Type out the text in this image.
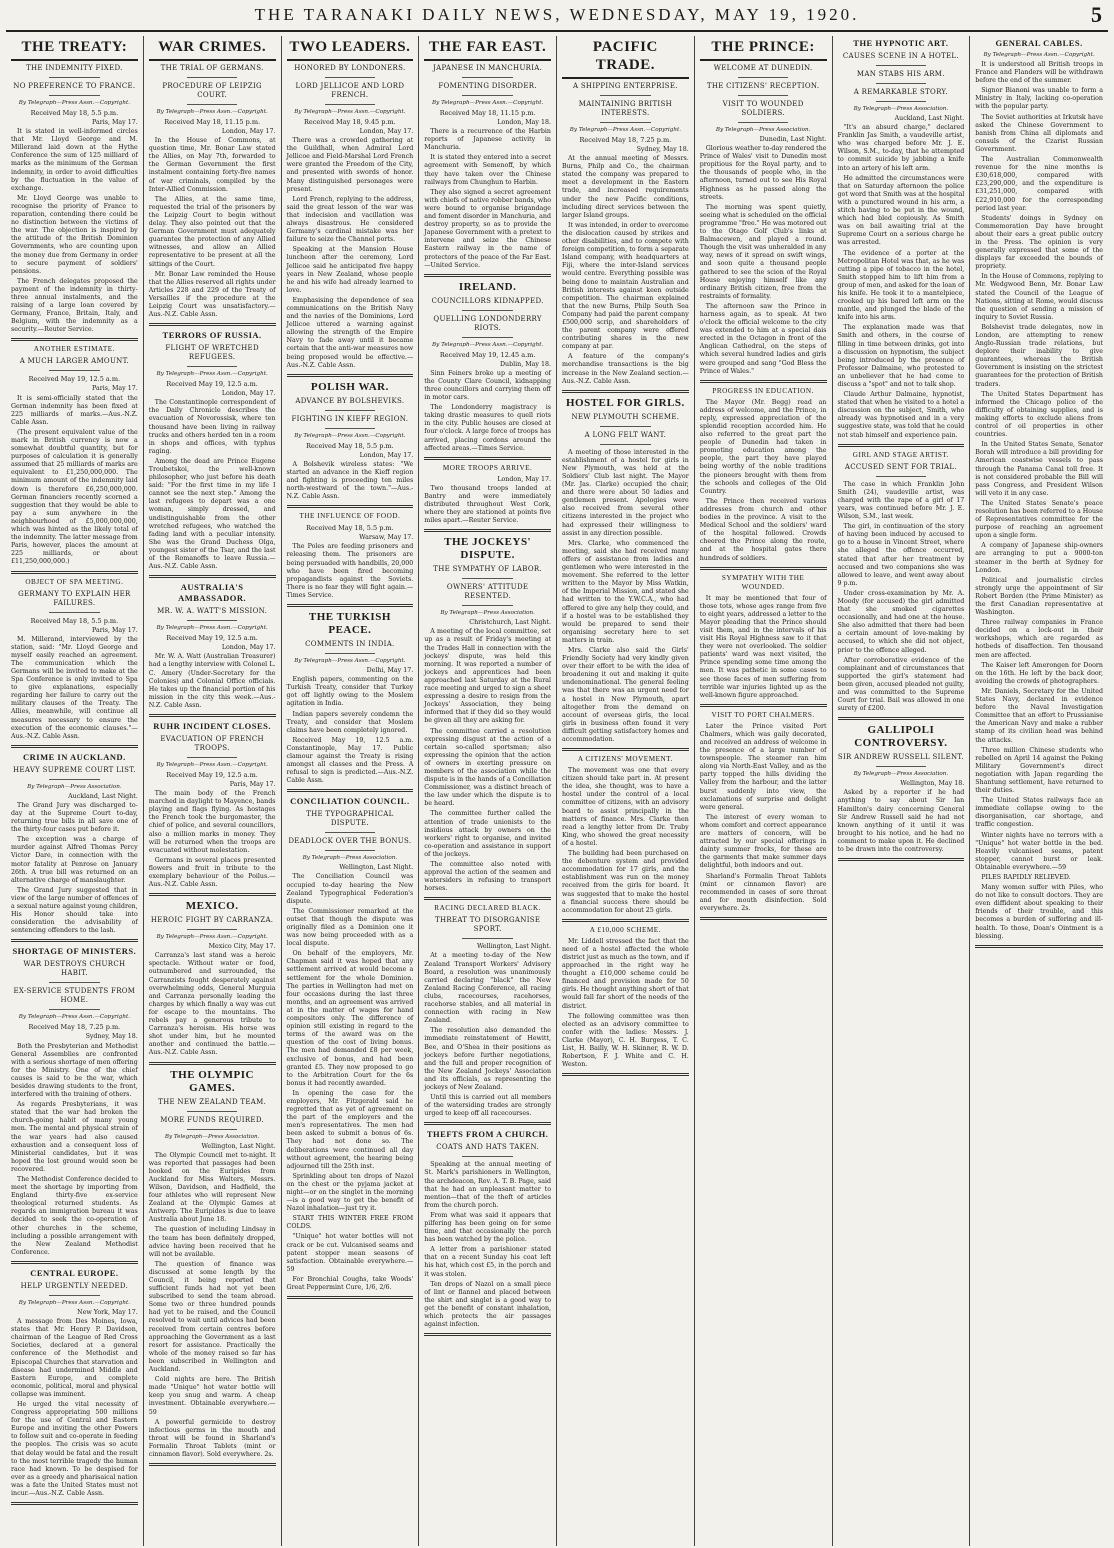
THE TARANAKI DAILY NEWS, WEDNESDAY, MAY 19, 1920.	5
THE TREATY:
THE INDEMNITY FIXED.
NO PREFERENCE TO FRANCE.
By Telegraph—Press Assn.—Copyright.
Received May 18, 5.5 p.m.
Paris, May 17.

It is stated in well-informed circles that Mr. Lloyd George and M. Millerand laid down at the Hythe Conference the sum of 125 milliard of marks as the minimum of the German indemnity, in order to avoid difficulties by the fluctuation in the value of exchange.

Mr. Lloyd George was unable to recognise the priority of France to reparation, contending there could be no distinction between the victims of the war. The objection is inspired by the attitude of the British Dominion Governments, who are counting upon the money due from Germany in order to secure payment of soldiers' pensions.

The French delegates proposed the payment of the indemnity in thirty-three annual instalments, and the raising of a large loan covered by Germany, France, Britain, Italy, and Belgium, with the indemnity as a security.—Reuter Service.

ANOTHER ESTIMATE.
A MUCH LARGER AMOUNT.
Received May 19, 12.5 a.m.
Paris, May 17.

It is semi-officially stated that the German indemnity has been fixed at 225 milliards of marks.—Aus.-N.Z. Cable Assn.

(The present equivalent value of the mark in British currency is now a somewhat doubtful quantity, but for purposes of calculation it is generally assumed that 25 milliards of marks are equivalent to £1,250,000,000. The minimum amount of the indemnity laid down is therefore £6,250,000,000. German financiers recently scorned a suggestion that they would be able to pay a sum anywhere in the neighbourhood of £5,000,000,000, which was hinted as the likely total of the indemnity. The latter message from Paris, however, places the amount at 225 milliards, or about £11,250,000,000.)

OBJECT OF SPA MEETING.
GERMANY TO EXPLAIN HER FAILURES.
Received May 18, 5.5 p.m.
Paris, May 17.

M. Millerand, interviewed by the station, said: "Mr. Lloyd George and myself easily reached an agreement. The communication which the Germans will be invited to make at the Spa Conference is only invited to Spa to give explanations, especially regarding her failure to carry out the military clauses of the Treaty. The Allies, meanwhile, will continue all measures necessary to ensure the execution of the economic clauses."—Aus.-N.Z. Cable Assn.

CRIME IN AUCKLAND.
HEAVY SUPREME COURT LIST.
By Telegraph—Press Association.
Auckland, Last Night.

The Grand Jury was discharged to-day at the Supreme Court to-day, returning true bills in all save one of the thirty-four cases put before it.

The exception was a charge of murder against Alfred Thomas Percy Victor Dare, in connection with the motor fatality at Penrose on January 26th. A true bill was returned on an alternative charge of manslaughter.

The Grand Jury suggested that in view of the large number of offences of a sexual nature against young children, His Honor should take into consideration the advisability of sentencing offenders to the lash.

SHORTAGE OF MINISTERS.
WAR DESTROYS CHURCH HABIT.
EX-SERVICE STUDENTS FROM HOME.
By Telegraph—Press Assn.—Copyright.
Received May 18, 7.25 p.m.
Sydney, May 18.

Both the Presbyterian and Methodist General Assemblies are confronted with a serious shortage of men offering for the Ministry. One of the chief causes is said to be the war, which besides drawing students to the front, interfered with the training of others.

As regards Presbyterians, it was stated that the war had broken the church-going habit of many young men. The mental and physical strain of the war years had also caused exhaustion and a consequent loss of Ministerial candidates, but it was hoped the lost ground would soon be recovered.

The Methodist Conference decided to meet the shortage by importing from England thirty-five ex-service theological returned students. As regards an immigration bureau it was decided to seek the co-operation of other churches in the scheme, including a possible arrangement with the New Zealand Methodist Conference.

CENTRAL EUROPE.
HELP URGENTLY NEEDED.
By Telegraph—Press Assn.—Copyright.
New York, May 17.

A message from Des Moines, Iowa, states that Mr. Henry P. Davidson, chairman of the League of Red Cross Societies, declared at a general conference of the Methodist and Episcopal Churches that starvation and disease had undermined Middle and Eastern Europe, and complete economic, political, moral and physical collapse was imminent.

He urged the vital necessity of Congress appropriating 500 millions for the use of Central and Eastern Europe and inviting the other Powers to follow suit and co-operate in feeding the peoples. The crisis was so acute that delay would be fatal and the result to the most terrible tragedy the human race had known. To be despised for ever as a greedy and pharisaical nation was a fate the United States must not incur.—Aus.-N.Z. Cable Assn.

WAR CRIMES.
THE TRIAL OF GERMANS.
PROCEDURE OF LEIPZIG COURT.
By Telegraph—Press Assn.—Copyright.
Received May 18, 11.15 p.m.
London, May 17.

In the House of Commons, at question time, Mr. Bonar Law stated the Allies, on May 7th, forwarded to the German Government the first instalment containing forty-five names of war criminals, compiled by the Inter-Allied Commission.

The Allies, at the same time, requested the trial of the prisoners by the Leipzig Court to begin without delay. They also pointed out that the German Government must adequately guarantee the protection of any Allied witnesses, and allow an Allied representative to be present at all the sittings of the Court.

Mr. Bonar Law reminded the House that the Allies reserved all rights under Articles 228 and 229 of the Treaty of Versailles if the procedure at the Leipzig Court was unsatisfactory.—Aus.-N.Z. Cable Assn.

TERRORS OF RUSSIA.
FLIGHT OF WRETCHED REFUGEES.
By Telegraph—Press Assn.—Copyright.
Received May 19, 12.5 a.m.
London, May 17.

The Constantinople correspondent of the Daily Chronicle describes the evacuation of Novorossisk, where ten thousand have been living in railway trucks and others herded ten in a room in shops and offices, with typhus raging.

Among the dead are Prince Eugene Troubetskoi, the well-known philosopher, who just before his death said: "For the first time in my life I cannot see the next step." Among the last refugees to depart was a one woman, simply dressed, and undistinguishable from the other wretched refugees, who watched the fading land with a peculiar intensity. She was the Grand Duchess Olga, youngest sister of the Tsar, and the last of the Romanoffs to leave Russia.—Aus.-N.Z. Cable Assn.

AUSTRALIA'S AMBASSADOR.
MR. W. A. WATT'S MISSION.
By Telegraph—Press Assn.—Copyright.
Received May 19, 12.5 a.m.
London, May 17.

Mr. W. A. Watt (Australian Treasurer) had a lengthy interview with Colonel L. C. Amery (Under-Secretary for the Colonies) and Colonial Office officials. He takes up the financial portion of his mission in the city this week.—Aus.-N.Z. Cable Assn.

RUHR INCIDENT CLOSES.
EVACUATION OF FRENCH TROOPS.
By Telegraph—Press Assn.—Copyright.
Received May 19, 12.5 a.m.
Paris, May 17.

The main body of the French marched in daylight to Mayence, bands playing and flags flying. As hostages the French took the burgomaster, the chief of police, and several councillors, also a million marks in money. They will be returned when the troops are evacuated without molestation.

Germans in several places presented flowers and fruit in tribute to the exemplary behaviour of the Poilus.—Aus.-N.Z. Cable Assn.

MEXICO.
HEROIC FIGHT BY CARRANZA.
By Telegraph—Press Assn.—Copyright.
Mexico City, May 17.

Carranza's last stand was a heroic spectacle. Without water or food, outnumbered and surrounded, the Carranzists fought desperately against overwhelming odds, General Murguia and Carranza personally leading the charges by which finally a way was cut for escape to the mountains. The rebels pay a generous tribute to Carranza's heroism. His horse was shot under him, but he mounted another and continued the battle.—Aus.-N.Z. Cable Assn.

THE OLYMPIC GAMES.
THE NEW ZEALAND TEAM.
MORE FUNDS REQUIRED.
By Telegraph—Press Association.
Wellington, Last Night.

The Olympic Council met to-night. It was reported that passages had been booked on the Euripides from Auckland for Miss Walters, Messrs. Wilson, Davidson, and Hadfield, the four athletes who will represent New Zealand at the Olympic Games at Antwerp. The Euripides is due to leave Australia about June 18.

The question of including Lindsay in the team has been definitely dropped, advice having been received that he will not be available.

The question of finance was discussed at some length by the Council, it being reported that sufficient funds had not yet been subscribed to send the team abroad. Some two or three hundred pounds had yet to be raised, and the Council resolved to wait until advices had been received from certain centres before approaching the Government as a last resort for assistance. Practically the whole of the money raised so far has been subscribed in Wellington and Auckland.

Cold nights are here. The British made "Unique" hot water bottle will keep you snug and warm. A cheap investment. Obtainable everywhere.—59

A powerful germicide to destroy infectious germs in the mouth and throat will be found in Sharland's Formalin Throat Tablets (mint or cinnamon flavor). Sold everywhere. 2s.

TWO LEADERS.
HONORED BY LONDONERS.
LORD JELLICOE AND LORD FRENCH.
By Telegraph—Press Assn.—Copyright.
Received May 18, 9.45 p.m.
London, May 17.

There was a crowded gathering at the Guildhall, when Admiral Lord Jellicoe and Field-Marshal Lord French were granted the Freedom of the City, and presented with swords of honor. Many distinguished personages were present.

Lord French, replying to the address, said the great lesson of the war was that indecision and vacillation was always disastrous. He considered Germany's cardinal mistake was her failure to seize the Channel ports.

Speaking at the Mansion House luncheon after the ceremony, Lord Jellicoe said he anticipated five happy years in New Zealand, whose people he and his wife had already learned to love.

Emphasising the dependence of sea communications on the British Navy and the navies of the Dominions, Lord Jellicoe uttered a warning against allowing the strength of the Empire Navy to fade away until it became certain that the anti-war measures now being proposed would be effective.—Aus.-N.Z. Cable Assn.

POLISH WAR.
ADVANCE BY BOLSHEVIKS.
FIGHTING IN KIEFF REGION.
By Telegraph—Press Assn.—Copyright.
Received May 18, 5.5 p.m.
London, May 17.

A Bolshevik wireless states: "We started an advance in the Kieff region and fighting is proceeding ten miles north-westward of the town."—Aus.-N.Z. Cable Assn.

THE INFLUENCE OF FOOD.
Received May 18, 5.5 p.m.
Warsaw, May 17.

The Poles are feeding prisoners and releasing them. The prisoners are being persuaded with handbills, 20,000 who have been fired becoming propagandists against the Soviets. There is no fear they will fight again.—Times Service.

THE TURKISH PEACE.
COMMENTS IN INDIA.
By Telegraph—Press Assn.—Copyright.
Delhi, May 17.

English papers, commenting on the Turkish Treaty, consider that Turkey got off lightly owing to the Moslem agitation in India.

Indian papers severely condemn the Treaty, and consider that Moslem claims have been completely ignored.

Received May 19, 12.5 a.m. Constantinople, May 17. Public clamour against the Treaty is rising amongst all classes and the Press. A refusal to sign is predicted.—Aus.-N.Z. Cable Assn.

CONCILIATION COUNCIL.
THE TYPOGRAPHICAL DISPUTE.
DEADLOCK OVER THE BONUS.
By Telegraph—Press Association.
Wellington, Last Night.

The Conciliation Council was occupied to-day hearing the New Zealand Typographical Federation's dispute.

The Commissioner remarked at the outset that though the dispute was originally filed as a Dominion one it was now being proceeded with as a local dispute.

On behalf of the employers, Mr. Chapman said it was hoped that any settlement arrived at would become a settlement for the whole Dominion. The parties in Wellington had met on four occasions during the last three months, and an agreement was arrived at in the matter of wages for hand compositors only. The difference of opinion still existing in regard to the terms of the award was on the question of the cost of living bonus. The men had demanded £8 per week, exclusive of bonus, and had been granted £5. They now proposed to go to the Arbitration Court for the 6s bonus it had recently awarded.

In opening the case for the employers, Mr. Fitzgerald said he regretted that as yet of agreement on the part of the employers and the men's representatives. The men had been asked to submit a bonus of 6s. They had not done so. The deliberations were continued all day without agreement, the hearing being adjourned till the 25th inst.

Sprinkling about ten drops of Nazol on the chest or the pyjama jacket at night—or on the singlet in the morning —is a good way to get the benefit of Nazol inhalation—just try it.

START THIS WINTER FREE FROM COLDS.

"Unique" hot water bottles will not crack or be cut. Vulcanised seams and patent stopper mean seasons of satisfaction. Obtainable everywhere.—59

For Bronchial Coughs, take Woods' Great Peppermint Cure, 1/6, 2/6.

THE FAR EAST.
JAPANESE IN MANCHURIA.
FOMENTING DISORDER.
By Telegraph—Press Assn.—Copyright.
Received May 18, 11.15 p.m.
London, May 18.

There is a recurrence of the Harbin reports of Japanese activity in Manchuria.

It is stated they entered into a secret agreement with Semenoff, by which they have taken over the Chinese railways from Chunghun to Harbin.

They also signed a secret agreement with chiefs of native robber bands, who were bound to organise brigandage and foment disorder in Manchuria, and destroy property, so as to provide the Japanese Government with a pretext to intervene and seize the Chinese Eastern railway in the name of protectors of the peace of the Far East.—United Service.

IRELAND.
COUNCILLORS KIDNAPPED.
QUELLING LONDONDERRY RIOTS.
By Telegraph—Press Assn.—Copyright.
Received May 19, 12.45 a.m.
Dublin, May 18.

Sinn Feiners broke up a meeting of the County Clare Council, kidnapping three councillors and carrying them off in motor cars.

The Londonderry magistracy is taking drastic measures to quell riots in the city. Public houses are closed at four o'clock. A large force of troops has arrived, placing cordons around the affected areas.—Times Service.

MORE TROOPS ARRIVE.
London, May 17.

Two thousand troops landed at Bantry and were immediately distributed throughout West Cork, where they are stationed at points five miles apart.—Reuter Service.

THE JOCKEYS' DISPUTE.
THE SYMPATHY OF LABOR.
OWNERS' ATTITUDE RESENTED.
By Telegraph—Press Association.
Christchurch, Last Night.

A meeting of the local committee, set up as a result of Friday's meeting at the Trades Hall in connection with the jockeys' dispute, was held this morning. It was reported a number of jockeys and apprentices had been approached last Saturday at the Rural race meeting and urged to sign a sheet expressing a desire to resign from the Jockeys' Association, they being informed that if they did so they would be given all they are asking for.

The committee carried a resolution expressing disgust at the action of a certain so-called sportsman; also expressing the opinion that the action of owners in exerting pressure on members of the association while the dispute is in the hands of a Conciliation Commissioner, was a distinct breach of the law under which the dispute is to be heard.

The committee further called the attention of trade unionists to the insidious attack by owners on the workers' right to organise, and invited co-operation and assistance in support of the jockeys.

The committee also noted with approval the action of the seamen and watersiders in refusing to transport horses.

RACING DECLARED BLACK.
THREAT TO DISORGANISE SPORT.
Wellington, Last Night.

At a meeting to-day of the New Zealand Transport Workers' Advisory Board, a resolution was unanimously carried declaring "black" the New Zealand Racing Conference, all racing clubs, racecourses, racehorses, racehorse stables, and all material in connection with racing in New Zealand.

The resolution also demanded the immediate reinstatement of Hewitt, Bee, and O'Shea in their positions as jockeys before further negotiations, and the full and proper recognition of the New Zealand Jockeys' Association and its officials, as representing the jockeys of New Zealand.

Until this is carried out all members of the watersiding trades are strongly urged to keep off all racecourses.

THEFTS FROM A CHURCH.
COATS AND HATS TAKEN.

Speaking at the annual meeting of St. Mark's parishioners in Wellington, the archdeacon, Rev. A. T. B. Page, said that he had an unpleasant matter to mention—that of the theft of articles from the church porch.

From what was said it appears that pilfering has been going on for some time, and that occasionally the porch has been watched by the police.

A letter from a parishioner stated that on a recent Sunday his coat left his hat, which cost £5, in the porch and it was stolen.

Ten drops of Nazol on a small piece of lint or flannel and placed between the shirt and singlet is a good way to get the benefit of constant inhalation, which protects the air passages against infection.

PACIFIC TRADE.
A SHIPPING ENTERPRISE.
MAINTAINING BRITISH INTERESTS.
By Telegraph—Press Assn.—Copyright.
Received May 18, 7.25 p.m.
Sydney, May 18.

At the annual meeting of Messrs. Burns, Philp and Co., the chairman stated the company was prepared to meet a development in the Eastern trade, and increased requirements under the new Pacific conditions, including direct services between the larger Island groups.

It was intended, in order to overcome the dislocation caused by strikes and other disabilities, and to compete with foreign competition, to form a separate Island company, with headquarters at Fiji, where the inter-Island services would centre. Everything possible was being done to maintain Australian and British interests against keen outside competition. The chairman explained that the new Burns, Philp South Sea Company had paid the parent company £500,000 scrip, and shareholders of the parent company were offered contributing shares in the new company at par.

A feature of the company's merchandise transactions is the big increase in the New Zealand section.—Aus.-N.Z. Cable Assn.

HOSTEL FOR GIRLS.
NEW PLYMOUTH SCHEME.
A LONG FELT WANT.

A meeting of those interested in the establishment of a hostel for girls in New Plymouth, was held at the Soldiers' Club last night. The Mayor (Mr. Jas. Clarke) occupied the chair, and there were about 50 ladies and gentlemen present. Apologies were also received from several other citizens interested in the project who had expressed their willingness to assist in any direction possible.

Mrs. Clarke, who commenced the meeting, said she had received many offers of assistance from ladies and gentlemen who were interested in the movement. She referred to the letter written to the Mayor by Miss Watkin, of the Imperial Mission, and stated she had written to the Y.W.C.A., who had offered to give any help they could, and if a hostel was to be established they would be prepared to send their organising secretary here to set matters in train.

Mrs. Clarke also said the Girls' Friendly Society had very kindly given over their effort to be with the idea of broadening it out and making it quite undenominational. The general feeling was that there was an urgent need for a hostel in New Plymouth, apart altogether from the demand on account of overseas girls, the local girls in business often found it very difficult getting satisfactory homes and accommodation.

A CITIZENS' MOVEMENT.

The movement was one that every citizen should take part in. At present the idea, she thought, was to have a hostel under the control of a local committee of citizens, with an advisory board to assist principally in the matters of finance. Mrs. Clarke then read a lengthy letter from Dr. Truby King, who showed the great necessity of a hostel.

The building had been purchased on the debenture system and provided accommodation for 17 girls, and the establishment was run on the money received from the girls for board. It was suggested that to make the hostel a financial success there should be accommodation for about 25 girls.

A £10,000 SCHEME.

Mr. Liddell stressed the fact that the need of a hostel affected the whole district just as much as the town, and if approached in the right way he thought a £10,000 scheme could be financed and provision made for 50 girls. He thought anything short of that would fall far short of the needs of the district.

The following committee was then elected as an advisory committee to confer with the ladies: Messrs. J. Clarke (Mayor), C. H. Burgess, T. C. List, H. Bailly, W. H. Skinner, R. W. D. Robertson, F. J. White and C. H. Weston.

THE PRINCE:
WELCOME AT DUNEDIN.
THE CITIZENS' RECEPTION.
VISIT TO WOUNDED SOLDIERS.
By Telegraph—Press Association.
Dunedin, Last Night.

Glorious weather to-day rendered the Prince of Wales' visit to Dunedin most propitious for the Royal party, and to the thousands of people who, in the afternoon, turned out to see His Royal Highness as he passed along the streets.

The morning was spent quietly, seeing what is scheduled on the official programme "free." He was motored out to the Otago Golf Club's links at Balmacewen, and played a round. Though the visit was unheralded in any way, news of it spread on swift wings, and soon quite a thousand people gathered to see the scion of the Royal House enjoying himself like any ordinary British citizen, free from the restraints of formality.

The afternoon saw the Prince in harness again, as to speak. At two o'clock the official welcome to the city was extended to him at a special dais erected in the Octagon in front of the Anglican Cathedral, on the steps of which several hundred ladies and girls were grouped and sang "God Bless the Prince of Wales."

PROGRESS IN EDUCATION.

The Mayor (Mr. Begg) read an address of welcome, and the Prince, in reply, expressed appreciation of the splendid reception accorded him. He also referred to the great part the people of Dunedin had taken in promoting education among the people, the part they have played being worthy of the noble traditions the pioneers brought with them from the schools and colleges of the Old Country.

The Prince then received various addresses from church and other bodies in the province. A visit to the Medical School and the soldiers' ward of the hospital followed. Crowds cheered the Prince along the route, and at the hospital gates there hundreds of soldiers.

SYMPATHY WITH THE WOUNDED.

It may be mentioned that four of those tots, whose ages range from five to eight years, addressed a letter to the Mayor pleading that the Prince should visit them, and in the intervals of his visit His Royal Highness saw to it that they were not overlooked. The soldier patients' ward was next visited, the Prince spending some time among the men. It was pathetic in some cases to see those faces of men suffering from terrible war injuries lighted up as the well-known figure approached.

VISIT TO PORT CHALMERS.

Later the Prince visited Port Chalmers, which was gaily decorated, and received an address of welcome in the presence of a large number of townspeople. The steamer ran him along via North-East Valley, and as the party topped the hills dividing the Valley from the harbour, and the latter burst suddenly into view, the exclamations of surprise and delight were general.

The interest of every woman to whom comfort and correct appearance are matters of concern, will be attracted by our special offerings in dainty summer frocks, for these are the garments that make summer days delightful, both indoors and out.

Sharland's Formalin Throat Tablets (mint or cinnamon flavor) are recommended in cases of sore throat and for mouth disinfection. Sold everywhere. 2s.

THE HYPNOTIC ART.
CAUSES SCENE IN A HOTEL.
MAN STABS HIS ARM.
A REMARKABLE STORY.
By Telegraph—Press Association.
Auckland, Last Night.

"It's an absurd charge," declared Franklin Jas Smith, a vaudeville artist, who was charged before Mr. J. E. Wilson, S.M., to-day, that he attempted to commit suicide by jabbing a knife into an artery of his left arm.

He admitted the circumstances were that on Saturday afternoon the police got word that Smith was at the hospital with a punctured wound in his arm, a stitch having to be put in the wound, which had bled copiously. As Smith was on bail awaiting trial at the Supreme Court on a serious charge he was arrested.

The evidence of a porter at the Metropolitan Hotel was that, as he was cutting a pipe of tobacco in the hotel, Smith stopped him to lift him from a group of men, and asked for the loan of his knife. He took it to a mantelpiece, crooked up his bared left arm on the mantle, and plunged the blade of the knife into his arm.

The explanation made was that Smith and others, in the course of filling in time between drinks, got into a discussion on hypnotism, the subject being introduced by the presence of Professor Dalmaine, who protested to an unbeliever that he had come to discuss a "spot" and not to talk shop.

Claude Arthur Dalmaine, hypnotist, stated that when he visited to a hotel a discussion on the subject, Smith, who already was hypnotised and in a very suggestive state, was told that he could not stab himself and experience pain.

GIRL AND STAGE ARTIST.
ACCUSED SENT FOR TRIAL.

The case in which Franklin John Smith (24), vaudeville artist, was charged with the rape of a girl of 17 years, was continued before Mr. J. E. Wilson, S.M., last week.

The girl, in continuation of the story of having been induced by accused to go to a house in Vincent Street, where she alleged the offence occurred, stated that after her treatment by accused and two companions she was allowed to leave, and went away about 9 p.m.

Under cross-examination by Mr. A. Moody (for accused) the girl admitted that she smoked cigarettes occasionally, and had one at the house. She also admitted that there had been a certain amount of love-making by accused, to which she did not object, prior to the offence alleged.

After corroborative evidence of the complainant and of circumstances that supported the girl's statement had been given, accused pleaded not guilty, and was committed to the Supreme Court for trial. Bail was allowed in one surety of £200.

GALLIPOLI CONTROVERSY.
SIR ANDREW RUSSELL SILENT.
By Telegraph—Press Association.
Wellington, May 18.

Asked by a reporter if he had anything to say about Sir Ian Hamilton's dairy concerning General Sir Andrew Russell said he had not known anything of it until it was brought to his notice, and he had no comment to make upon it. He declined to be drawn into the controversy.

GENERAL CABLES.
By Telegraph—Press Assn.—Copyright.

It is understood all British troops in France and Flanders will be withdrawn before the end of the summer.

Signor Bianoni was unable to form a Ministry in Italy, lacking co-operation with the popular party.

The Soviet authorities at Irkutsk have asked the Chinese Government to banish from China all diplomats and consuls of the Czarist Russian Government.

The Australian Commonwealth revenue for the nine months is £30,618,000, compared with £23,290,000, and the expenditure is £31,251,000, compared with £22,910,000 for the corresponding period last year.

Students' doings in Sydney on Commemoration Day have brought about their ears a great public outcry in the Press. The opinion is very generally expressed that some of the displays far exceeded the bounds of propriety.

In the House of Commons, replying to Mr. Wedgwood Benn, Mr. Bonar Law stated the Council of the League of Nations, sitting at Rome, would discuss the question of sending a mission of inquiry to Soviet Russia.

Bolshevist trade delegates, now in London, are attempting to renew Anglo-Russian trade relations, but deplore their inability to give guarantees, whereas the British Government is insisting on the strictest guarantees for the protection of British traders.

The United States Department has informed the Chicago police of the difficulty of obtaining supplies, and is making efforts to exclude aliens from control of oil properties in other countries.

In the United States Senate, Senator Borah will introduce a bill providing for American coastwise vessels to pass through the Panama Canal toll free. It is not considered probable the Bill will pass Congress, and President Wilson will veto it in any case.

The United States Senate's peace resolution has been referred to a House of Representatives committee for the purpose of reaching an agreement upon a single form.

A company of Japanese ship-owners are arranging to put a 9000-ton steamer in the berth at Sydney for London.

Political and journalistic circles strongly urge the appointment of Sir Robert Borden (the Prime Minister) as the first Canadian representative at Washington.

Three railway companies in France decided on a lock-out in their workshops, which are regarded as hotbeds of disaffection. Ten thousand men are affected.

The Kaiser left Amerongen for Doorn on the 16th. He left by the back door, avoiding the crowds of photographers.

Mr. Daniels, Secretary for the United States Navy, declared in evidence before the Naval Investigation Committee that an effort to Prussianise the American Navy and make a rubber stamp of its civilian head was behind the attacks.

Three million Chinese students who rebelled on April 14 against the Peking Military Government's direct negotiation with Japan regarding the Shantung settlement, have returned to their duties.

The United States railways face an immediate collapse owing to the disorganisation, car shortage, and traffic congestion.

Winter nights have no terrors with a "Unique" hot water bottle in the bed. Heavily vulcanised seams, patent stopper, cannot burst or leak. Obtainable everywhere.—59

PILES RAPIDLY RELIEVED.

Many women suffer with Piles, who do not like to consult doctors. They are even diffident about speaking to their friends of their trouble, and this becomes a burden of suffering and ill-health. To those, Doan's Ointment is a blessing.
